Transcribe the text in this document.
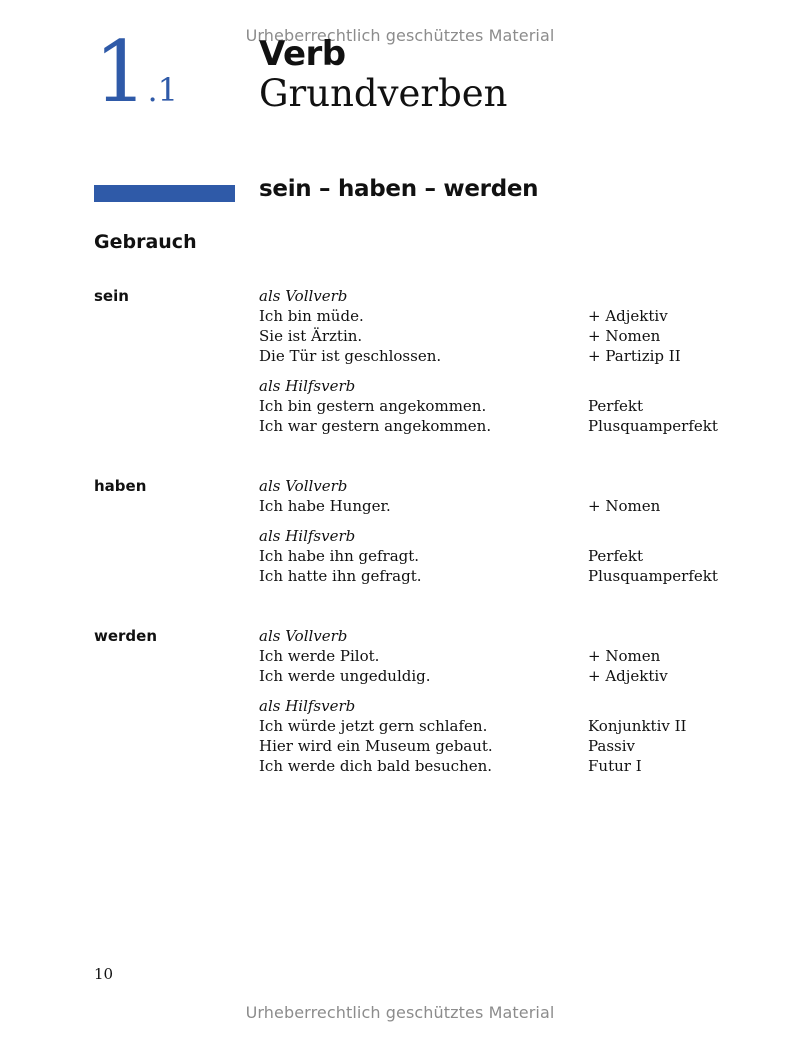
Urheberrechtlich geschütztes Material
1.1
Verb
Grundverben
sein – haben – werden
Gebrauch
sein	als Vollverb
Ich bin müde.	+ Adjektiv
Sie ist Ärztin.	+ Nomen
Die Tür ist geschlossen.	+ Partizip II
als Hilfsverb
Ich bin gestern angekommen.	Perfekt
Ich war gestern angekommen.	Plusquamperfekt
haben	als Vollverb
Ich habe Hunger.	+ Nomen
als Hilfsverb
Ich habe ihn gefragt.	Perfekt
Ich hatte ihn gefragt.	Plusquamperfekt
werden	als Vollverb
Ich werde Pilot.	+ Nomen
Ich werde ungeduldig.	+ Adjektiv
als Hilfsverb
Ich würde jetzt gern schlafen.	Konjunktiv II
Hier wird ein Museum gebaut.	Passiv
Ich werde dich bald besuchen.	Futur I
10
Urheberrechtlich geschütztes Material
